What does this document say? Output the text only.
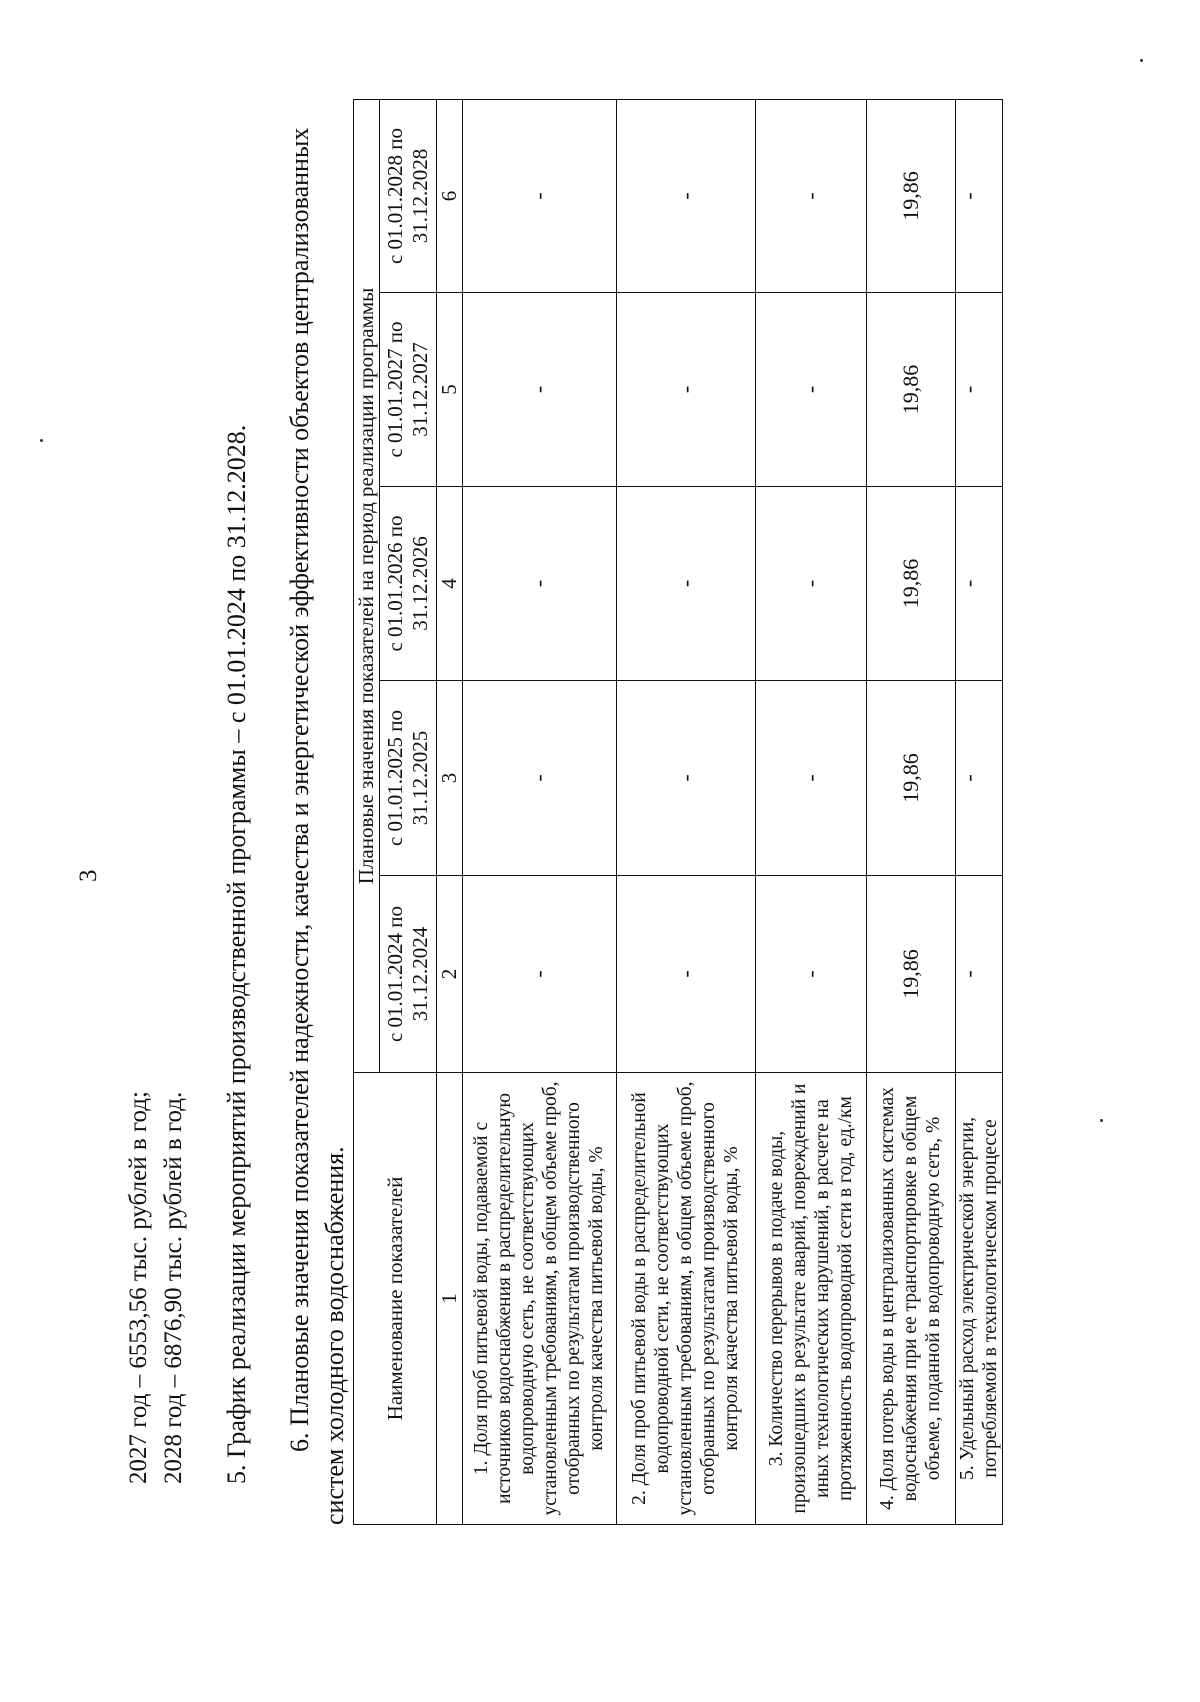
3
2027 год – 6553,56 тыс. рублей в год; 2028 год – 6876,90 тыс. рублей в год. 5. График реализации мероприятий производственной программы – с 01.01.2024 по 31.12.2028. 6. Плановые значения показателей надежности, качества и энергетической эффективности объектов централизованных систем холодного водоснабжения. Наименование показателей	Плановые значения показателей на период реализации программы				
	с 01.01.2024 по 31.12.2024	с 01.01.2025 по 31.12.2025	с 01.01.2026 по 31.12.2026	с 01.01.2027 по 31.12.2027	с 01.01.2028 по 31.12.2028
1	2	3	4	5	6
1. Доля проб питьевой воды, подаваемой с источников водоснабжения в распределительную водопроводную сеть, не соответствующих установленным требованиям, в общем объеме проб, отобранных по результатам производственного контроля качества питьевой воды, %	-	-	-	-	-
2. Доля проб питьевой воды в распределительной водопроводной сети, не соответствующих установленным требованиям, в общем объеме проб, отобранных по результатам производственного контроля качества питьевой воды, %	-	-	-	-	-
3. Количество перерывов в подаче воды, произошедших в результате аварий, повреждений и иных технологических нарушений, в расчете на протяженность водопроводной сети в год, ед./км	-	-	-	-	-
4. Доля потерь воды в централизованных системах водоснабжения при ее транспортировке в общем объеме, поданной в водопроводную сеть, %	19,86	19,86	19,86	19,86	19,86
5. Удельный расход электрической энергии, потребляемой в технологическом процессе	-	-	-	-	-
